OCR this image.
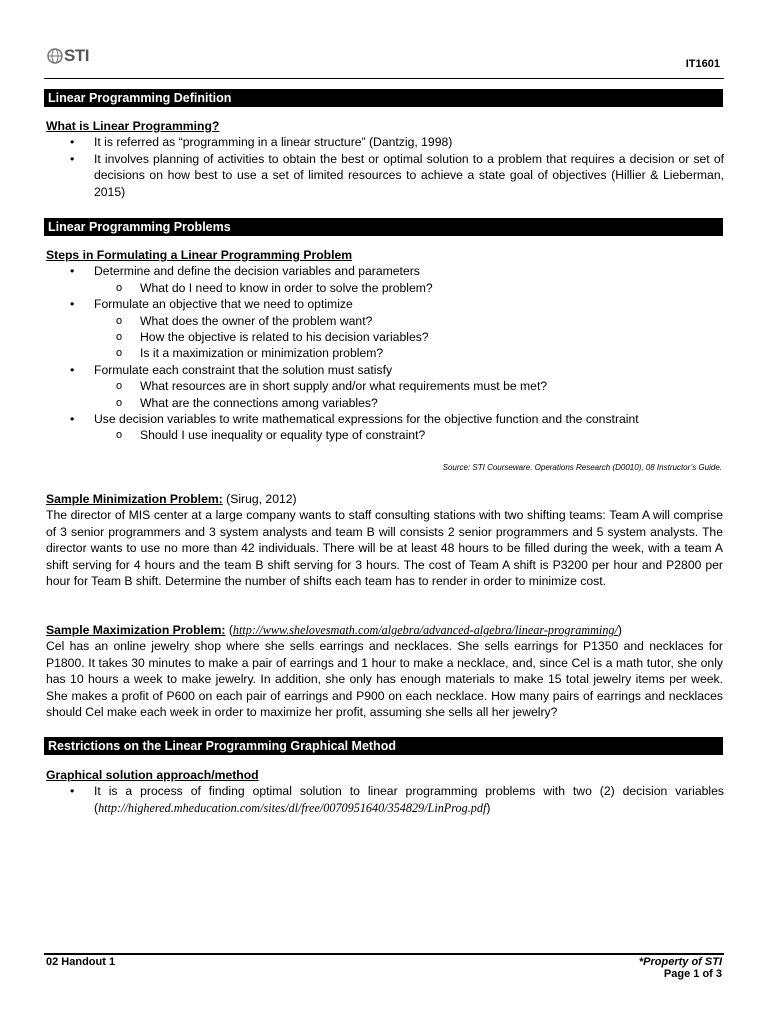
STI	IT1601
Linear Programming Definition
What is Linear Programming?
• It is referred as “programming in a linear structure” (Dantzig, 1998)
• It involves planning of activities to obtain the best or optimal solution to a problem that requires a decision or set of decisions on how best to use a set of limited resources to achieve a state goal of objectives (Hillier & Lieberman, 2015)
Linear Programming Problems
Steps in Formulating a Linear Programming Problem
• Determine and define the decision variables and parameters
o What do I need to know in order to solve the problem?
• Formulate an objective that we need to optimize
o What does the owner of the problem want?
o How the objective is related to his decision variables?
o Is it a maximization or minimization problem?
• Formulate each constraint that the solution must satisfy
o What resources are in short supply and/or what requirements must be met?
o What are the connections among variables?
• Use decision variables to write mathematical expressions for the objective function and the constraint
o Should I use inequality or equality type of constraint?
Source: STI Courseware. Operations Research (D0010), 08 Instructor’s Guide.
Sample Minimization Problem: (Sirug, 2012)
The director of MIS center at a large company wants to staff consulting stations with two shifting teams: Team A will comprise of 3 senior programmers and 3 system analysts and team B will consists 2 senior programmers and 5 system analysts. The director wants to use no more than 42 individuals. There will be at least 48 hours to be filled during the week, with a team A shift serving for 4 hours and the team B shift serving for 3 hours. The cost of Team A shift is P3200 per hour and P2800 per hour for Team B shift. Determine the number of shifts each team has to render in order to minimize cost.
Sample Maximization Problem: (http://www.shelovesmath.com/algebra/advanced-algebra/linear-programming/)
Cel has an online jewelry shop where she sells earrings and necklaces. She sells earrings for P1350 and necklaces for P1800. It takes 30 minutes to make a pair of earrings and 1 hour to make a necklace, and, since Cel is a math tutor, she only has 10 hours a week to make jewelry. In addition, she only has enough materials to make 15 total jewelry items per week. She makes a profit of P600 on each pair of earrings and P900 on each necklace. How many pairs of earrings and necklaces should Cel make each week in order to maximize her profit, assuming she sells all her jewelry?
Restrictions on the Linear Programming Graphical Method
Graphical solution approach/method
• It is a process of finding optimal solution to linear programming problems with two (2) decision variables (http://highered.mheducation.com/sites/dl/free/0070951640/354829/LinProg.pdf)
02 Handout 1	*Property of STI
Page 1 of 3
